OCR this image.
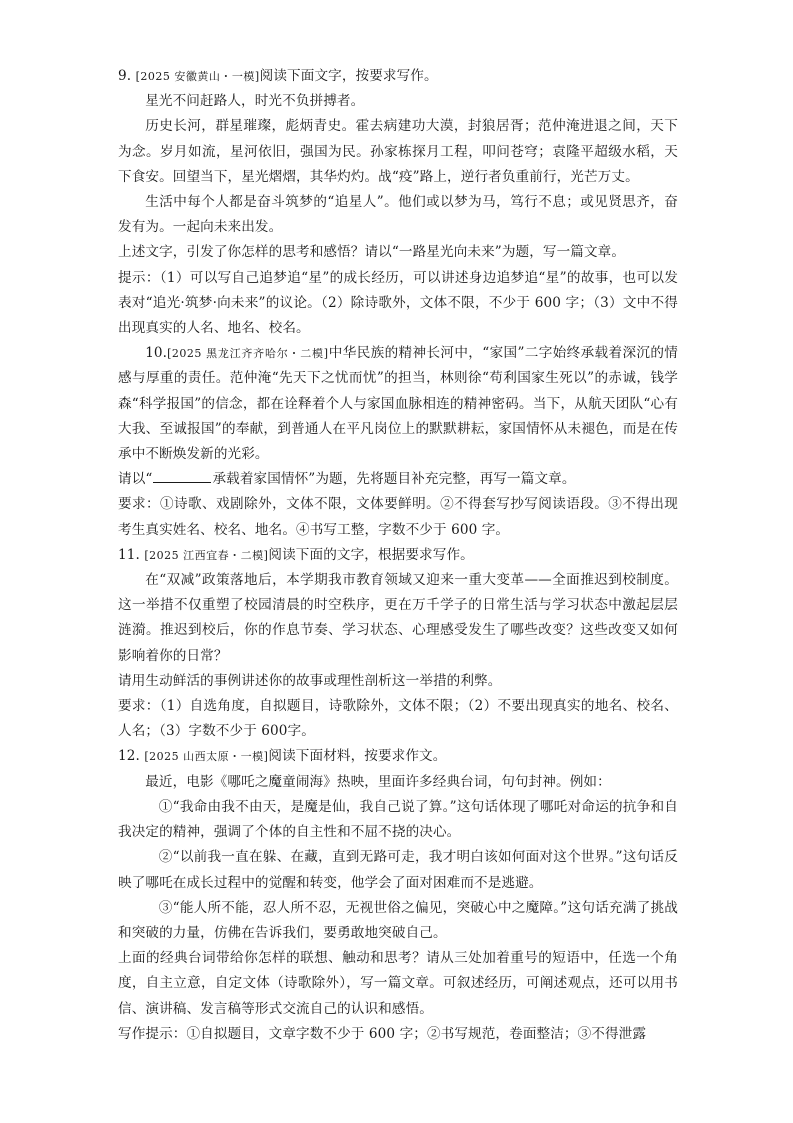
9. [2025 安徽黄山・一模]阅读下面文字，按要求写作。

星光不问赶路人，时光不负拼搏者。

历史长河，群星璀璨，彪炳青史。霍去病建功大漠，封狼居胥；范仲淹进退之间，天下为念。岁月如流，星河依旧，强国为民。孙家栋探月工程，叩问苍穹；袁隆平超级水稻，天下食安。回望当下，星光熠熠，其华灼灼。战“疫”路上，逆行者负重前行，光芒万丈。

生活中每个人都是奋斗筑梦的“追星人”。他们或以梦为马，笃行不息；或见贤思齐，奋发有为。一起向未来出发。

上述文字，引发了你怎样的思考和感悟？请以“一路星光向未来”为题，写一篇文章。

提示：（1）可以写自己追梦追“星”的成长经历，可以讲述身边追梦追“星”的故事，也可以发表对“追光·筑梦·向未来”的议论。（2）除诗歌外，文体不限，不少于 600 字；（3）文中不得出现真实的人名、地名、校名。

10.[2025 黑龙江齐齐哈尔・二模]中华民族的精神长河中，“家国”二字始终承载着深沉的情感与厚重的责任。范仲淹“先天下之忧而忧”的担当，林则徐“苟利国家生死以”的赤诚，钱学森“科学报国”的信念，都在诠释着个人与家国血脉相连的精神密码。当下，从航天团队“心有大我、至诚报国”的奉献，到普通人在平凡岗位上的默默耕耘，家国情怀从未褪色，而是在传承中不断焕发新的光彩。

请以“	承载着家国情怀”为题，先将题目补充完整，再写一篇文章。

要求：①诗歌、戏剧除外，文体不限，文体要鲜明。②不得套写抄写阅读语段。③不得出现考生真实姓名、校名、地名。④书写工整，字数不少于 600 字。

11. [2025 江西宜春・二模]阅读下面的文字，根据要求写作。

在“双减”政策落地后，本学期我市教育领域又迎来一重大变革——全面推迟到校制度。这一举措不仅重塑了校园清晨的时空秩序，更在万千学子的日常生活与学习状态中激起层层涟漪。推迟到校后，你的作息节奏、学习状态、心理感受发生了哪些改变？这些改变又如何影响着你的日常？

请用生动鲜活的事例讲述你的故事或理性剖析这一举措的利弊。

要求：（1）自选角度，自拟题目，诗歌除外，文体不限；（2）不要出现真实的地名、校名、人名；（3）字数不少于 600字。

12. [2025 山西太原・一模]阅读下面材料，按要求作文。

最近，电影《哪吒之魔童闹海》热映，里面许多经典台词，句句封神。例如：

①“我命由我不由天，是魔是仙，我自己说了算。”这句话体现了哪吒对命运的抗争和自我决定的精神，强调了个体的自主性和不屈不挠的决心。

②“以前我一直在躲、在藏，直到无路可走，我才明白该如何面对这个世界。”这句话反映了哪吒在成长过程中的觉醒和转变，他学会了面对困难而不是逃避。

③“能人所不能，忍人所不忍，无视世俗之偏见，突破心中之魔障。”这句话充满了挑战和突破的力量，仿佛在告诉我们，要勇敢地突破自己。

上面的经典台词带给你怎样的联想、触动和思考？请从三处加着重号的短语中，任选一个角度，自主立意，自定文体（诗歌除外），写一篇文章。可叙述经历，可阐述观点，还可以用书信、演讲稿、发言稿等形式交流自己的认识和感悟。

写作提示：①自拟题目，文章字数不少于 600 字；②书写规范，卷面整洁；③不得泄露
